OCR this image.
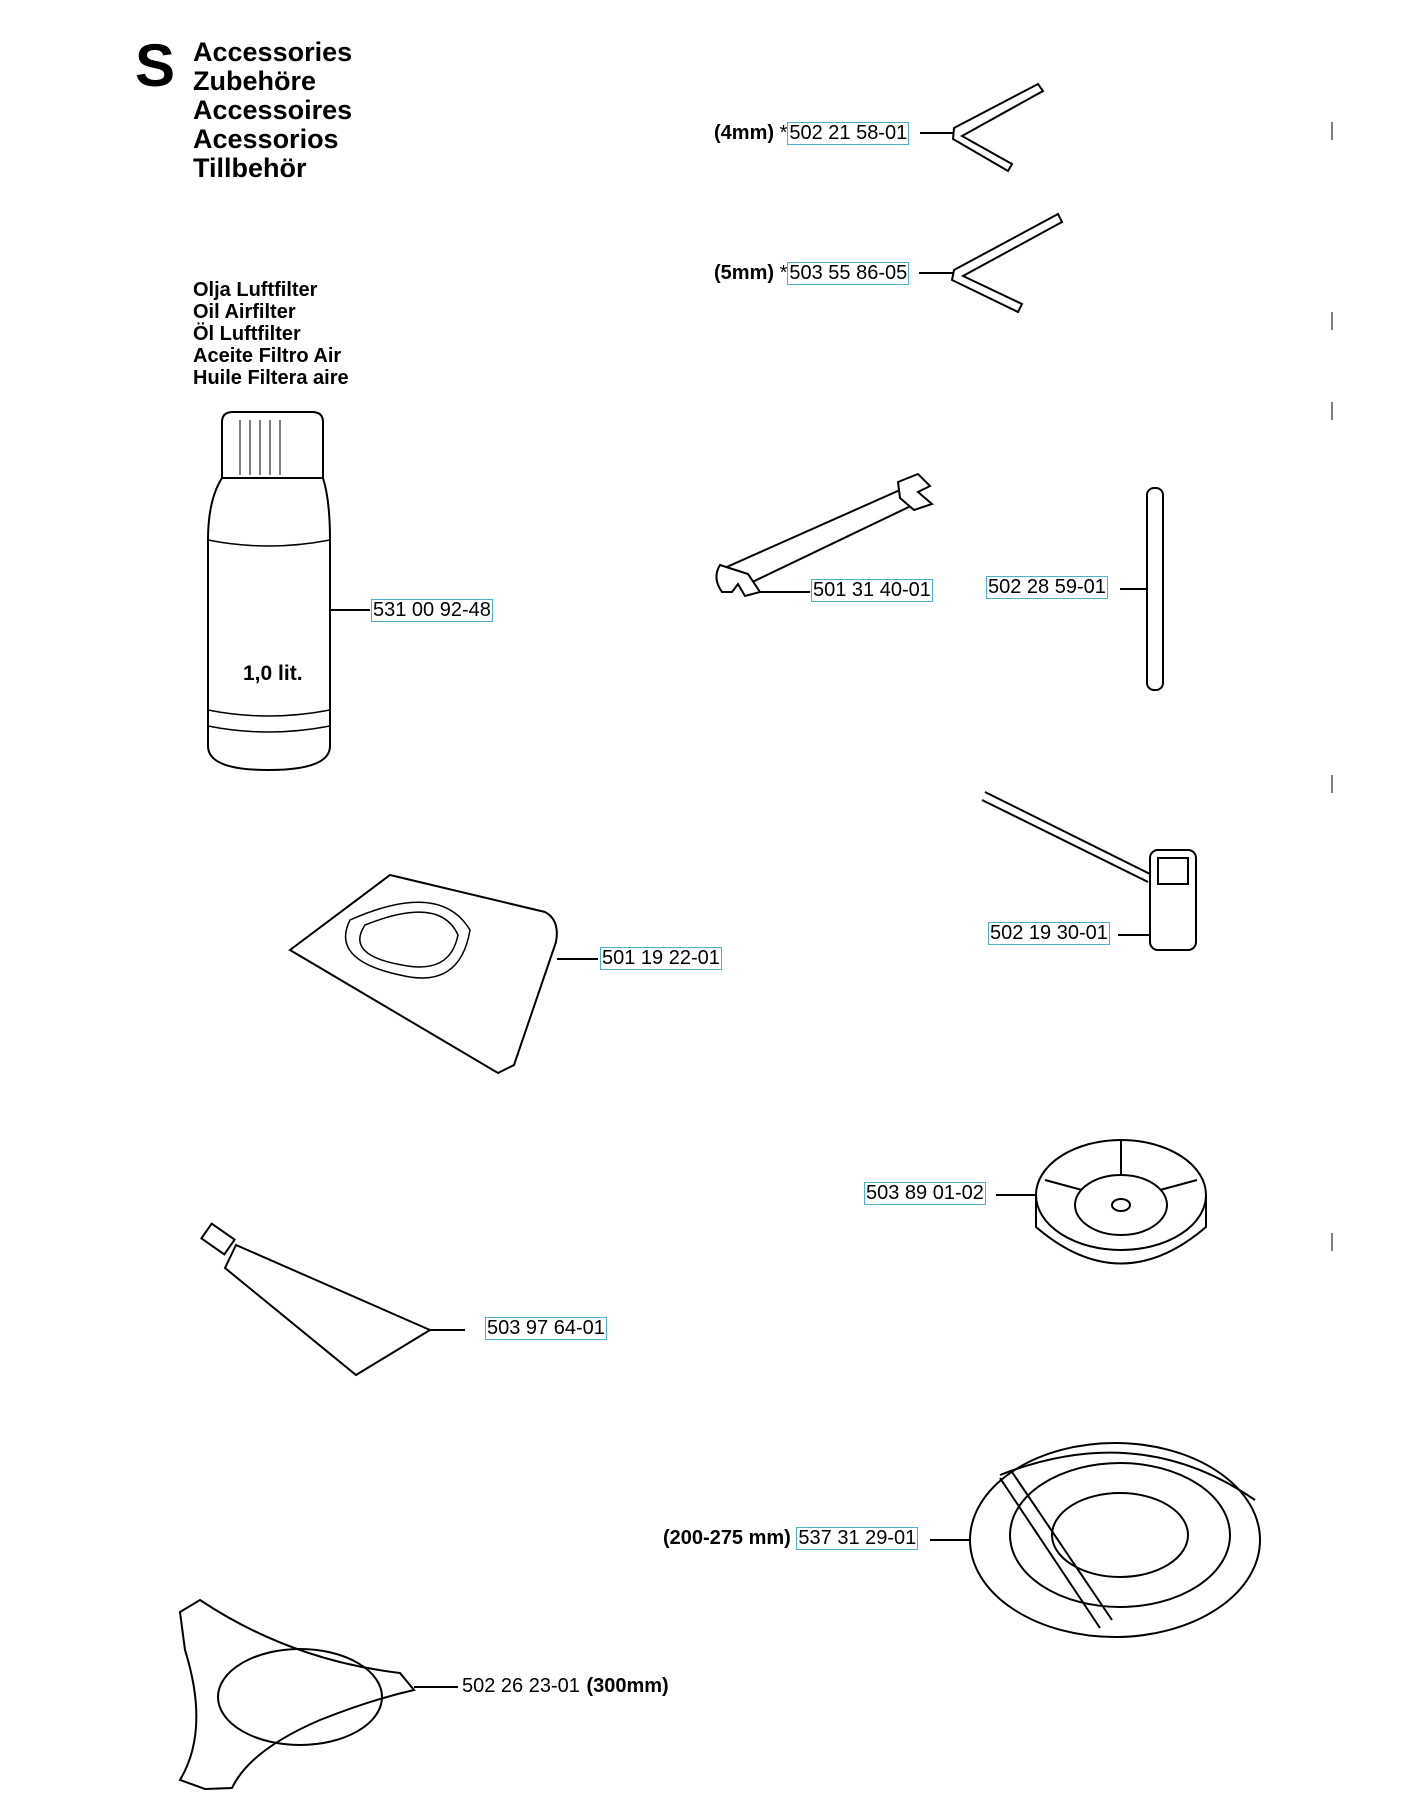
S Accessories
Zubehöre
Accessoires
Acessorios
Tillbehör
Olja Luftfilter
Oil Airfilter
Öl Luftfilter
Aceite Filtro Air
Huile Filtera aire
1,0 lit.
(4mm) * 502 21 58-01
(5mm) * 503 55 86-05
531 00 92-48
501 31 40-01	502 28 59-01
502 19 30-01
501 19 22-01
503 89 01-02
503 97 64-01
(200-275 mm) 537 31 29-01
502 26 23-01 (300mm)
